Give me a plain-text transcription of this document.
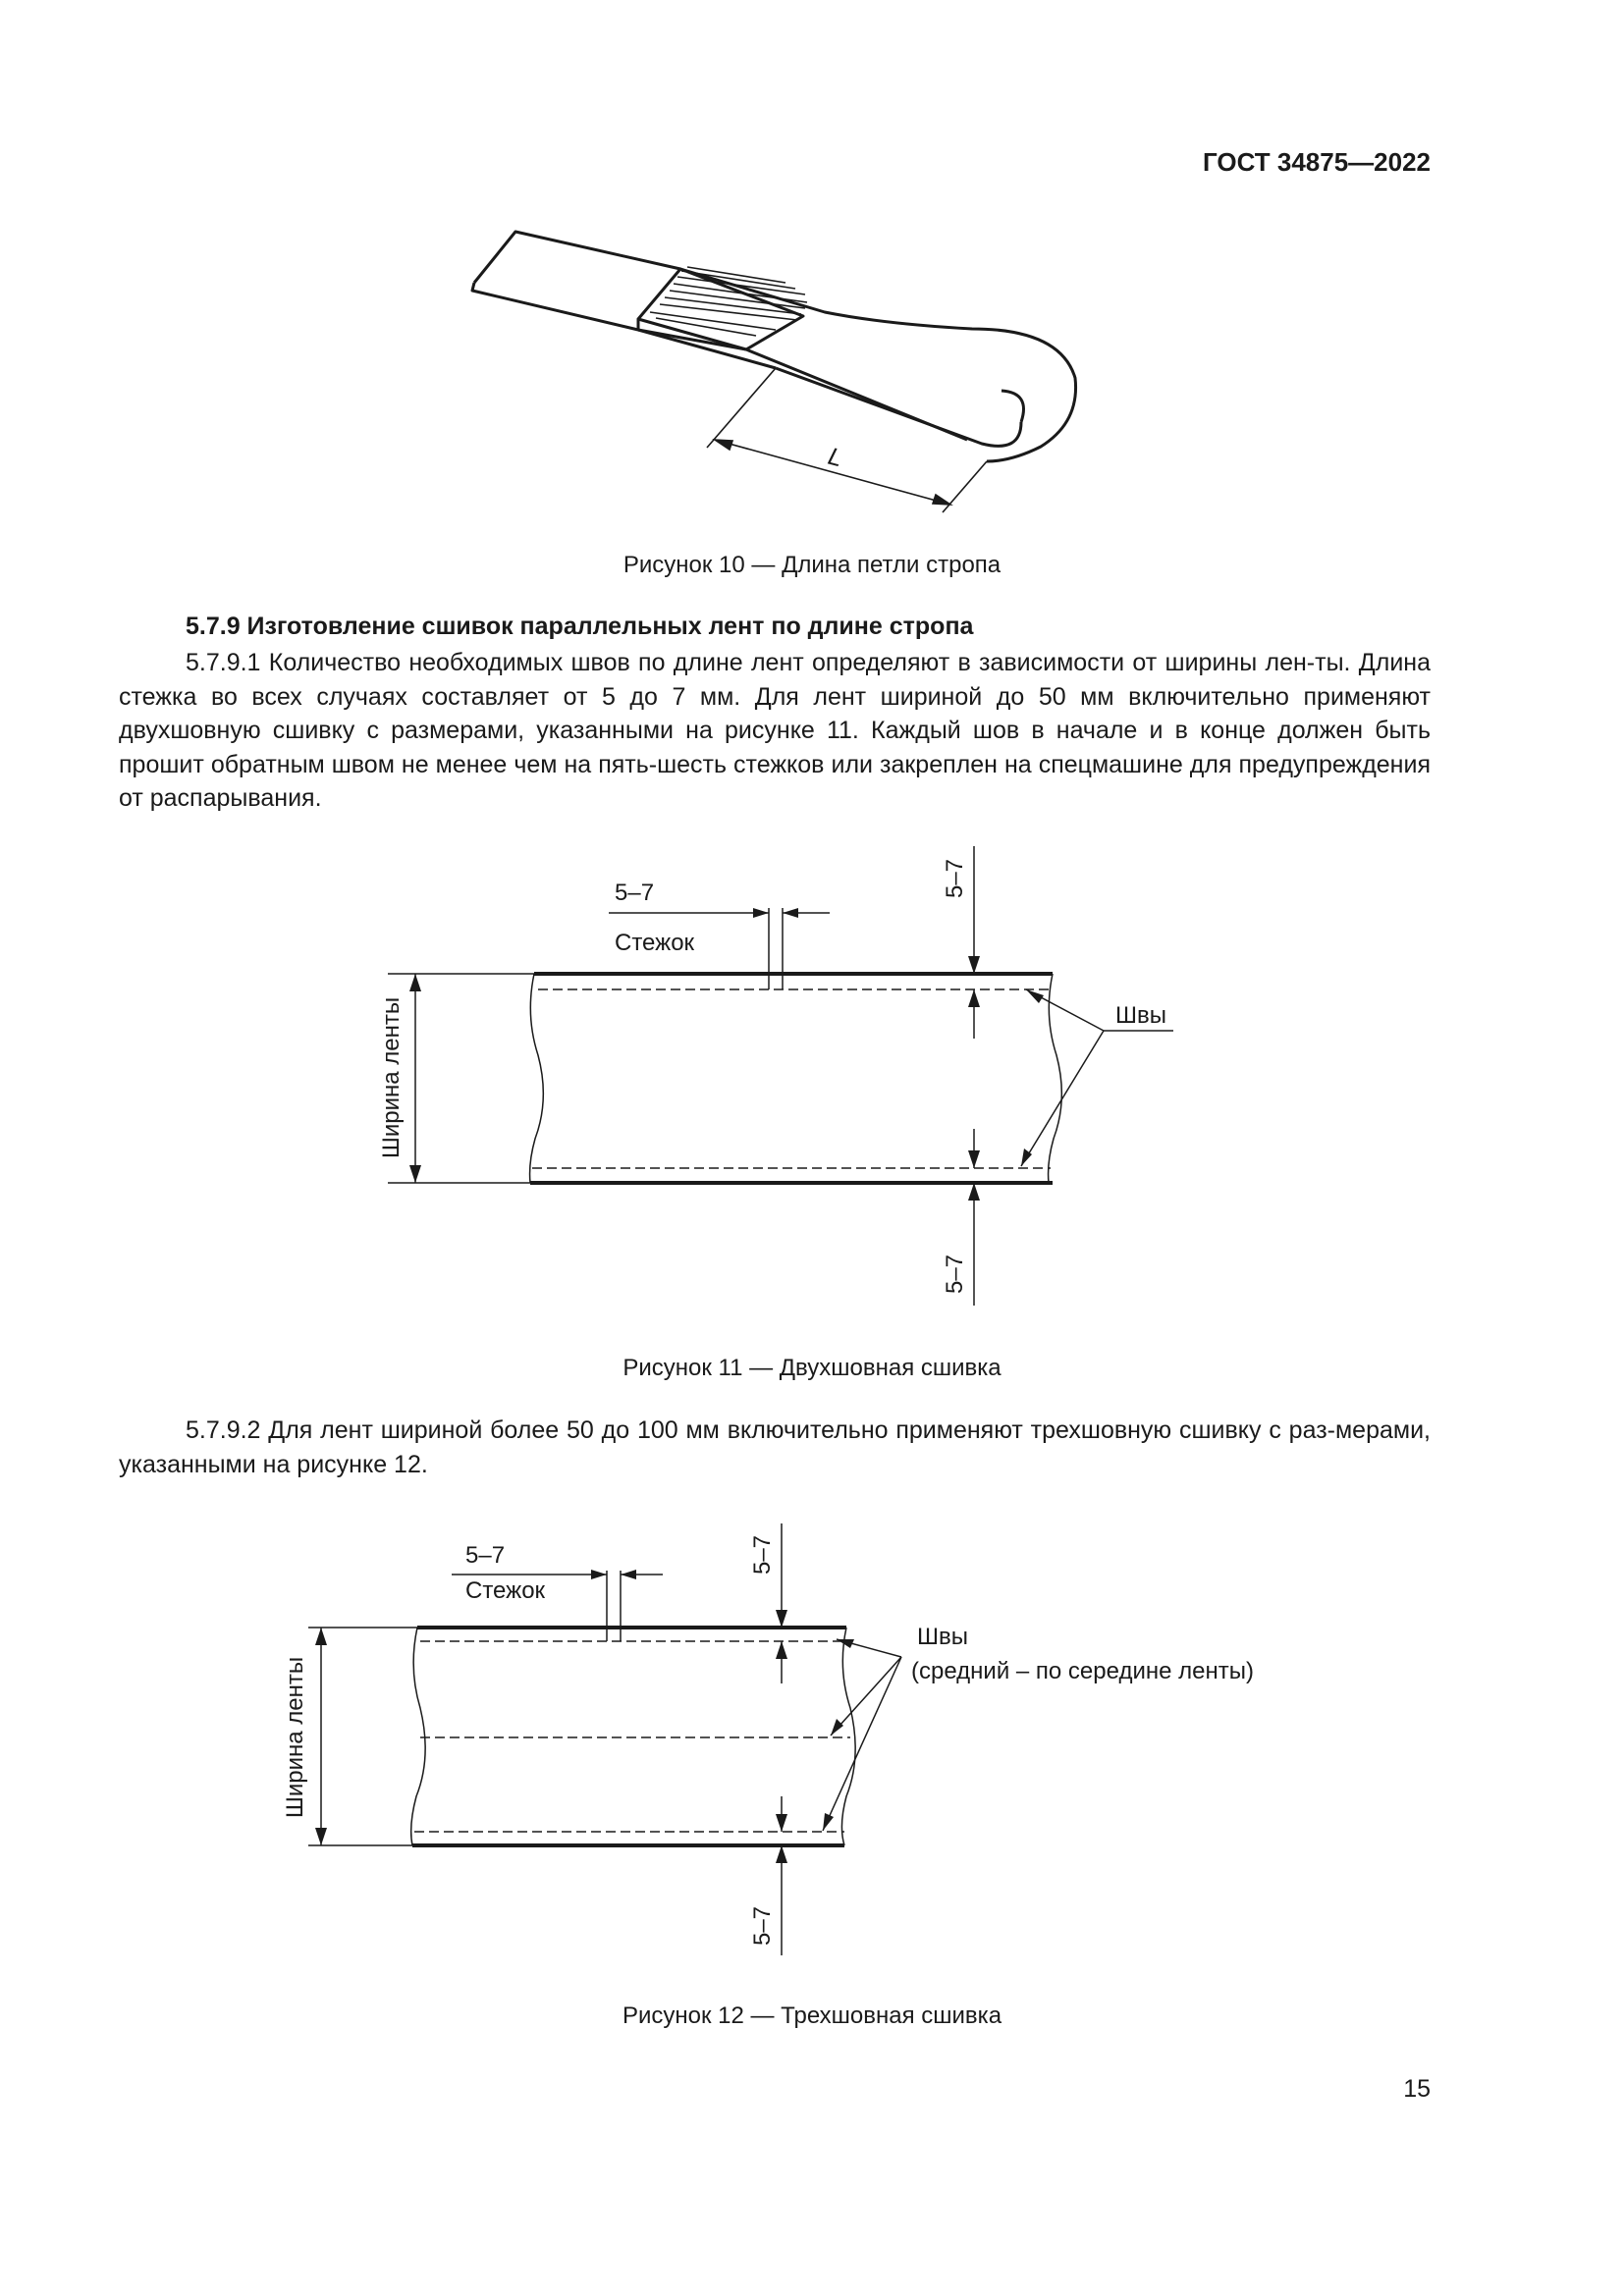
ГОСТ 34875—2022
L
Рисунок 10 — Длина петли стропа
5.7.9 Изготовление сшивок параллельных лент по длине стропа

5.7.9.1 Количество необходимых швов по длине лент определяют в зависимости от ширины лен-ты. Длина стежка во всех случаях составляет от 5 до 7 мм. Для лент шириной до 50 мм включительно применяют двухшовную сшивку с размерами, указанными на рисунке 11. Каждый шов в начале и в конце должен быть прошит обратным швом не менее чем на пять-шесть стежков или закреплен на спецмашине для предупреждения от распарывания.

5–7
Стежок
Ширина ленты
5–7
5–7
Швы
Рисунок 11 — Двухшовная сшивка

5.7.9.2 Для лент шириной более 50 до 100 мм включительно применяют трехшовную сшивку с раз-мерами, указанными на рисунке 12.

5–7
Стежок
Ширина ленты
5–7
5–7
Швы
(средний – по середине ленты)
Рисунок 12 — Трехшовная сшивка
15
